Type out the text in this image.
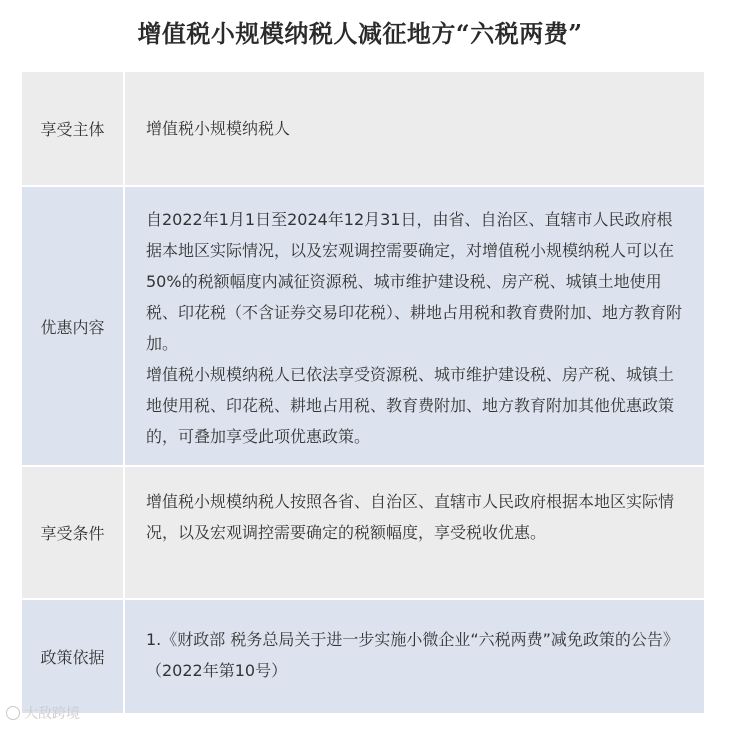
增值税小规模纳税人减征地方“六税两费”
享受主体	增值税小规模纳税人

优惠内容

自2022年1月1日至2024年12月31日，由省、自治区、直辖市人民政府根据本地区实际情况，以及宏观调控需要确定，对增值税小规模纳税人可以在50%的税额幅度内减征资源税、城市维护建设税、房产税、城镇土地使用税、印花税（不含证券交易印花税）、耕地占用税和教育费附加、地方教育附加。

增值税小规模纳税人已依法享受资源税、城市维护建设税、房产税、城镇土地使用税、印花税、耕地占用税、教育费附加、地方教育附加其他优惠政策的，可叠加享受此项优惠政策。

享受条件

增值税小规模纳税人按照各省、自治区、直辖市人民政府根据本地区实际情况，以及宏观调控需要确定的税额幅度，享受税收优惠。

政策依据

1.《财政部 税务总局关于进一步实施小微企业“六税两费”减免政策的公告》（2022年第10号）

大敌跨境
